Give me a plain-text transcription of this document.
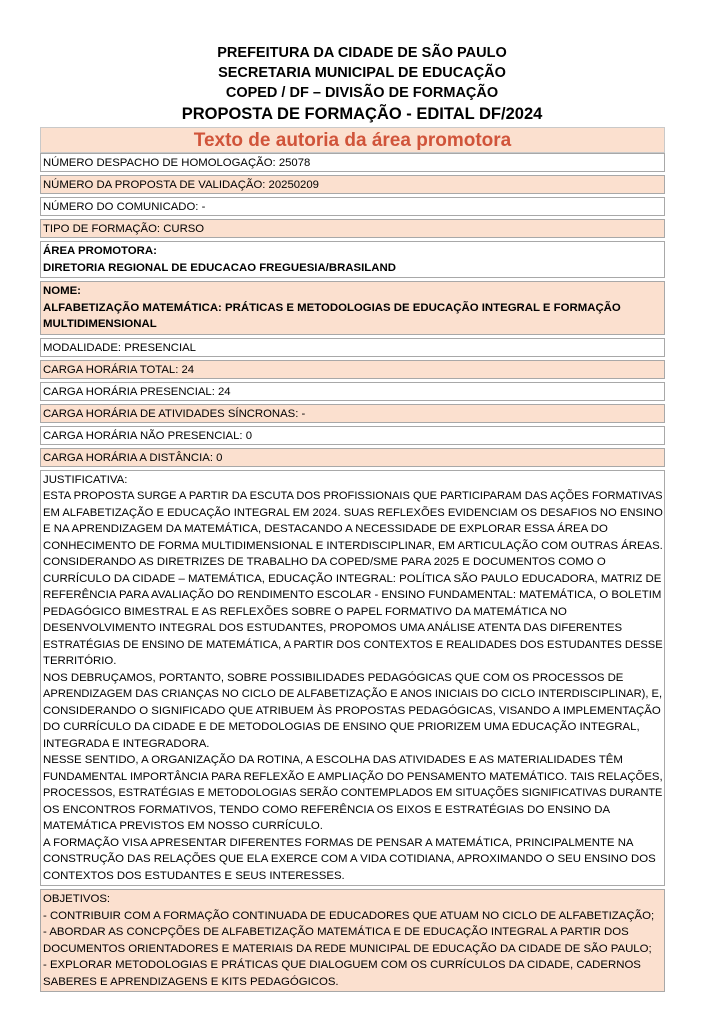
PREFEITURA DA CIDADE DE SÃO PAULO
SECRETARIA MUNICIPAL DE EDUCAÇÃO
COPED / DF – DIVISÃO DE FORMAÇÃO
PROPOSTA DE FORMAÇÃO - EDITAL DF/2024
Texto de autoria da área promotora
NÚMERO DESPACHO DE HOMOLOGAÇÃO: 25078
NÚMERO DA PROPOSTA DE VALIDAÇÃO: 20250209
NÚMERO DO COMUNICADO: -
TIPO DE FORMAÇÃO: CURSO
ÁREA PROMOTORA:
DIRETORIA REGIONAL DE EDUCACAO FREGUESIA/BRASILAND
NOME:
ALFABETIZAÇÃO MATEMÁTICA: PRÁTICAS E METODOLOGIAS DE EDUCAÇÃO INTEGRAL E FORMAÇÃO
MULTIDIMENSIONAL
MODALIDADE: PRESENCIAL
CARGA HORÁRIA TOTAL: 24
CARGA HORÁRIA PRESENCIAL: 24
CARGA HORÁRIA DE ATIVIDADES SÍNCRONAS: -
CARGA HORÁRIA NÃO PRESENCIAL: 0
CARGA HORÁRIA A DISTÂNCIA: 0
JUSTIFICATIVA:
ESTA PROPOSTA SURGE A PARTIR DA ESCUTA DOS PROFISSIONAIS QUE PARTICIPARAM DAS AÇÕES FORMATIVAS
EM ALFABETIZAÇÃO E EDUCAÇÃO INTEGRAL EM 2024. SUAS REFLEXÕES EVIDENCIAM OS DESAFIOS NO ENSINO
E NA APRENDIZAGEM DA MATEMÁTICA, DESTACANDO A NECESSIDADE DE EXPLORAR ESSA ÁREA DO
CONHECIMENTO DE FORMA MULTIDIMENSIONAL E INTERDISCIPLINAR, EM ARTICULAÇÃO COM OUTRAS ÁREAS.
CONSIDERANDO AS DIRETRIZES DE TRABALHO DA COPED/SME PARA 2025 E DOCUMENTOS COMO O
CURRÍCULO DA CIDADE – MATEMÁTICA, EDUCAÇÃO INTEGRAL: POLÍTICA SÃO PAULO EDUCADORA, MATRIZ DE
REFERÊNCIA PARA AVALIAÇÃO DO RENDIMENTO ESCOLAR - ENSINO FUNDAMENTAL: MATEMÁTICA, O BOLETIM
PEDAGÓGICO BIMESTRAL E AS REFLEXÕES SOBRE O PAPEL FORMATIVO DA MATEMÁTICA NO
DESENVOLVIMENTO INTEGRAL DOS ESTUDANTES, PROPOMOS UMA ANÁLISE ATENTA DAS DIFERENTES
ESTRATÉGIAS DE ENSINO DE MATEMÁTICA, A PARTIR DOS CONTEXTOS E REALIDADES DOS ESTUDANTES DESSE
TERRITÓRIO.
NOS DEBRUÇAMOS, PORTANTO, SOBRE POSSIBILIDADES PEDAGÓGICAS QUE COM OS PROCESSOS DE
APRENDIZAGEM DAS CRIANÇAS NO CICLO DE ALFABETIZAÇÃO E ANOS INICIAIS DO CICLO INTERDISCIPLINAR), E,
CONSIDERANDO O SIGNIFICADO QUE ATRIBUEM ÀS PROPOSTAS PEDAGÓGICAS, VISANDO A IMPLEMENTAÇÃO
DO CURRÍCULO DA CIDADE E DE METODOLOGIAS DE ENSINO QUE PRIORIZEM UMA EDUCAÇÃO INTEGRAL,
INTEGRADA E INTEGRADORA.
NESSE SENTIDO, A ORGANIZAÇÃO DA ROTINA, A ESCOLHA DAS ATIVIDADES E AS MATERIALIDADES TÊM
FUNDAMENTAL IMPORTÂNCIA PARA REFLEXÃO E AMPLIAÇÃO DO PENSAMENTO MATEMÁTICO. TAIS RELAÇÕES,
PROCESSOS, ESTRATÉGIAS E METODOLOGIAS SERÃO CONTEMPLADOS EM SITUAÇÕES SIGNIFICATIVAS DURANTE
OS ENCONTROS FORMATIVOS, TENDO COMO REFERÊNCIA OS EIXOS E ESTRATÉGIAS DO ENSINO DA
MATEMÁTICA PREVISTOS EM NOSSO CURRÍCULO.
A FORMAÇÃO VISA APRESENTAR DIFERENTES FORMAS DE PENSAR A MATEMÁTICA, PRINCIPALMENTE NA
CONSTRUÇÃO DAS RELAÇÕES QUE ELA EXERCE COM A VIDA COTIDIANA, APROXIMANDO O SEU ENSINO DOS
CONTEXTOS DOS ESTUDANTES E SEUS INTERESSES.
OBJETIVOS:
- CONTRIBUIR COM A FORMAÇÃO CONTINUADA DE EDUCADORES QUE ATUAM NO CICLO DE ALFABETIZAÇÃO;
- ABORDAR AS CONCPÇÕES DE ALFABETIZAÇÃO MATEMÁTICA E DE EDUCAÇÃO INTEGRAL A PARTIR DOS
DOCUMENTOS ORIENTADORES E MATERIAIS DA REDE MUNICIPAL DE EDUCAÇÃO DA CIDADE DE SÃO PAULO;
- EXPLORAR METODOLOGIAS E PRÁTICAS QUE DIALOGUEM COM OS CURRÍCULOS DA CIDADE, CADERNOS
SABERES E APRENDIZAGENS E KITS PEDAGÓGICOS.
